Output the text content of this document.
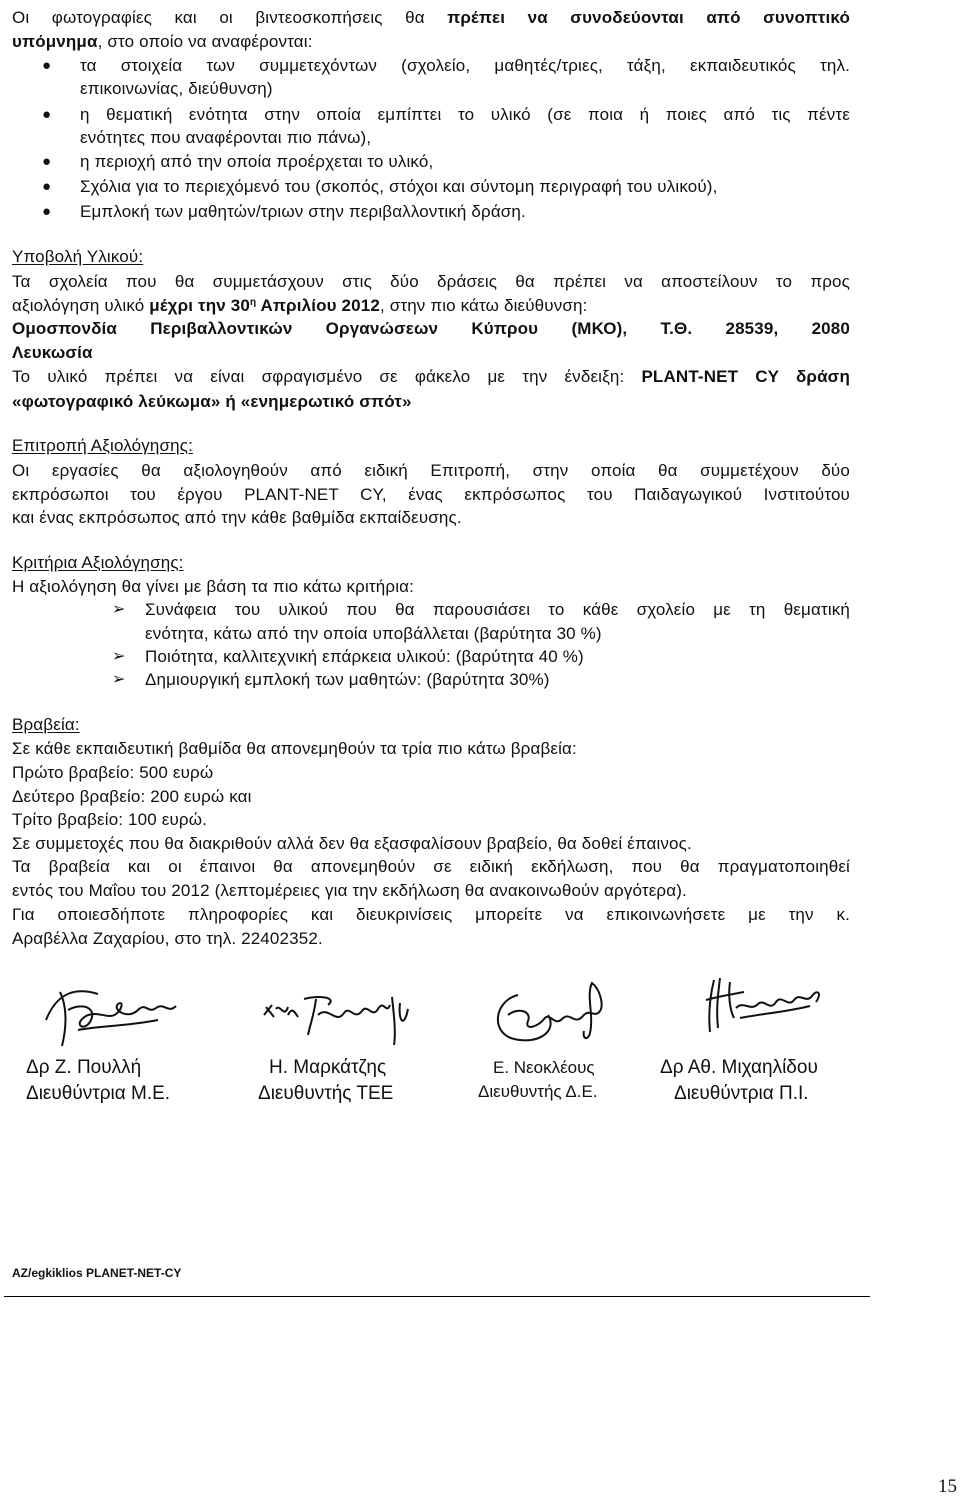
Οι φωτογραφίες και οι βιντεοσκοπήσεις θα πρέπει να συνοδεύονται από συνοπτικό
υπόμνημα, στο οποίο να αναφέρονται:
● τα στοιχεία των συμμετεχόντων (σχολείο, μαθητές/τριες, τάξη, εκπαιδευτικός τηλ.
επικοινωνίας, διεύθυνση)
● η θεματική ενότητα στην οποία εμπίπτει το υλικό (σε ποια ή ποιες από τις πέντε
ενότητες που αναφέρονται πιο πάνω),
● η περιοχή από την οποία προέρχεται το υλικό,
● Σχόλια για το περιεχόμενό του (σκοπός, στόχοι και σύντομη περιγραφή του υλικού),
● Εμπλοκή των μαθητών/τριων στην περιβαλλοντική δράση.
Υποβολή Υλικού:
Τα σχολεία που θα συμμετάσχουν στις δύο δράσεις θα πρέπει να αποστείλουν το προς
αξιολόγηση υλικό μέχρι την $30^\eta$ Απριλίου 2012, στην πιο κάτω διεύθυνση:
Ομοσπονδία Περιβαλλοντικών Οργανώσεων Κύπρου (ΜΚΟ), Τ.Θ. 28539, 2080
Λευκωσία
Το υλικό πρέπει να είναι σφραγισμένο σε φάκελο με την ένδειξη: PLANT-NET CY δράση
«φωτογραφικό λεύκωμα» ή «ενημερωτικό σπότ»
Επιτροπή Αξιολόγησης:
Οι εργασίες θα αξιολογηθούν από ειδική Επιτροπή, στην οποία θα συμμετέχουν δύο
εκπρόσωποι του έργου PLANT-NET CY, ένας εκπρόσωπος του Παιδαγωγικού Ινστιτούτου
και ένας εκπρόσωπος από την κάθε βαθμίδα εκπαίδευσης.
Κριτήρια Αξιολόγησης:
Η αξιολόγηση θα γίνει με βάση τα πιο κάτω κριτήρια:
➢ Συνάφεια του υλικού που θα παρουσιάσει το κάθε σχολείο με τη θεματική
ενότητα, κάτω από την οποία υποβάλλεται (βαρύτητα 30 %)
➢ Ποιότητα, καλλιτεχνική επάρκεια υλικού: (βαρύτητα 40 %)
➢ Δημιουργική εμπλοκή των μαθητών: (βαρύτητα 30%)
Βραβεία:
Σε κάθε εκπαιδευτική βαθμίδα θα απονεμηθούν τα τρία πιο κάτω βραβεία:
Πρώτο βραβείο: 500 ευρώ
Δεύτερο βραβείο: 200 ευρώ και
Τρίτο βραβείο: 100 ευρώ.
Σε συμμετοχές που θα διακριθούν αλλά δεν θα εξασφαλίσουν βραβείο, θα δοθεί έπαινος.
Τα βραβεία και οι έπαινοι θα απονεμηθούν σε ειδική εκδήλωση, που θα πραγματοποιηθεί
εντός του Μαΐου του 2012 (λεπτομέρειες για την εκδήλωση θα ανακοινωθούν αργότερα).
Για οποιεσδήποτε πληροφορίες και διευκρινίσεις μπορείτε να επικοινωνήσετε με την κ.
Αραβέλλα Ζαχαρίου, στο τηλ. 22402352.
Δρ Ζ. Πουλλή
Διευθύντρια Μ.Ε.
Η. Μαρκάτζης
Διευθυντής ΤΕΕ
Ε. Νεοκλέους
Διευθυντής Δ.Ε.
Δρ Αθ. Μιχαηλίδου
Διευθύντρια Π.Ι.
AZ/egkiklios PLANET-NET-CY
15
